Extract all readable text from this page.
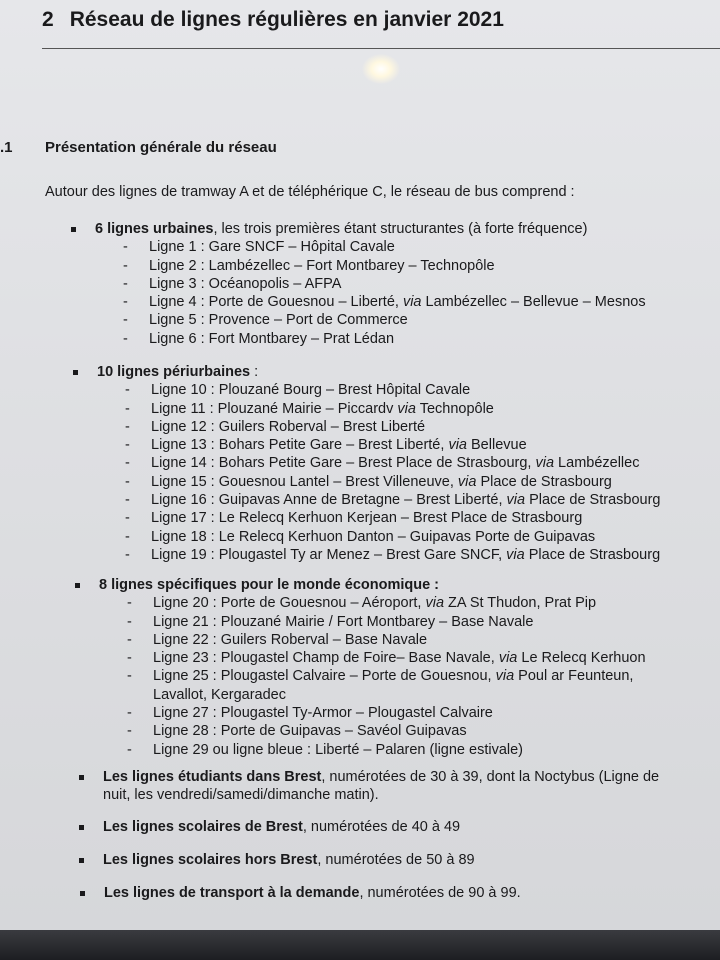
2 Réseau de lignes régulières en janvier 2021
.1 Présentation générale du réseau
Autour des lignes de tramway A et de téléphérique C, le réseau de bus comprend :
6 lignes urbaines, les trois premières étant structurantes (à forte fréquence)
- Ligne 1 : Gare SNCF – Hôpital Cavale
- Ligne 2 : Lambézellec – Fort Montbarey – Technopôle
- Ligne 3 : Océanopolis – AFPA
- Ligne 4 : Porte de Gouesnou – Liberté, via Lambézellec – Bellevue – Mesnos
- Ligne 5 : Provence – Port de Commerce
- Ligne 6 : Fort Montbarey – Prat Lédan
10 lignes périurbaines :
- Ligne 10 : Plouzané Bourg – Brest Hôpital Cavale
- Ligne 11 : Plouzané Mairie – Piccardv via Technopôle
- Ligne 12 : Guilers Roberval – Brest Liberté
- Ligne 13 : Bohars Petite Gare – Brest Liberté, via Bellevue
- Ligne 14 : Bohars Petite Gare – Brest Place de Strasbourg, via Lambézellec
- Ligne 15 : Gouesnou Lantel – Brest Villeneuve, via Place de Strasbourg
- Ligne 16 : Guipavas Anne de Bretagne – Brest Liberté, via Place de Strasbourg
- Ligne 17 : Le Relecq Kerhuon Kerjean – Brest Place de Strasbourg
- Ligne 18 : Le Relecq Kerhuon Danton – Guipavas Porte de Guipavas
- Ligne 19 : Plougastel Ty ar Menez – Brest Gare SNCF, via Place de Strasbourg
8 lignes spécifiques pour le monde économique :
- Ligne 20 : Porte de Gouesnou – Aéroport, via ZA St Thudon, Prat Pip
- Ligne 21 : Plouzané Mairie / Fort Montbarey – Base Navale
- Ligne 22 : Guilers Roberval – Base Navale
- Ligne 23 : Plougastel Champ de Foire– Base Navale, via Le Relecq Kerhuon
- Ligne 25 : Plougastel Calvaire – Porte de Gouesnou, via Poul ar Feunteun,
Lavallot, Kergaradec
- Ligne 27 : Plougastel Ty-Armor – Plougastel Calvaire
- Ligne 28 : Porte de Guipavas – Savéol Guipavas
- Ligne 29 ou ligne bleue : Liberté – Palaren (ligne estivale)
Les lignes étudiants dans Brest, numérotées de 30 à 39, dont la Noctybus (Ligne de
nuit, les vendredi/samedi/dimanche matin).
Les lignes scolaires de Brest, numérotées de 40 à 49
Les lignes scolaires hors Brest, numérotées de 50 à 89
Les lignes de transport à la demande, numérotées de 90 à 99.
